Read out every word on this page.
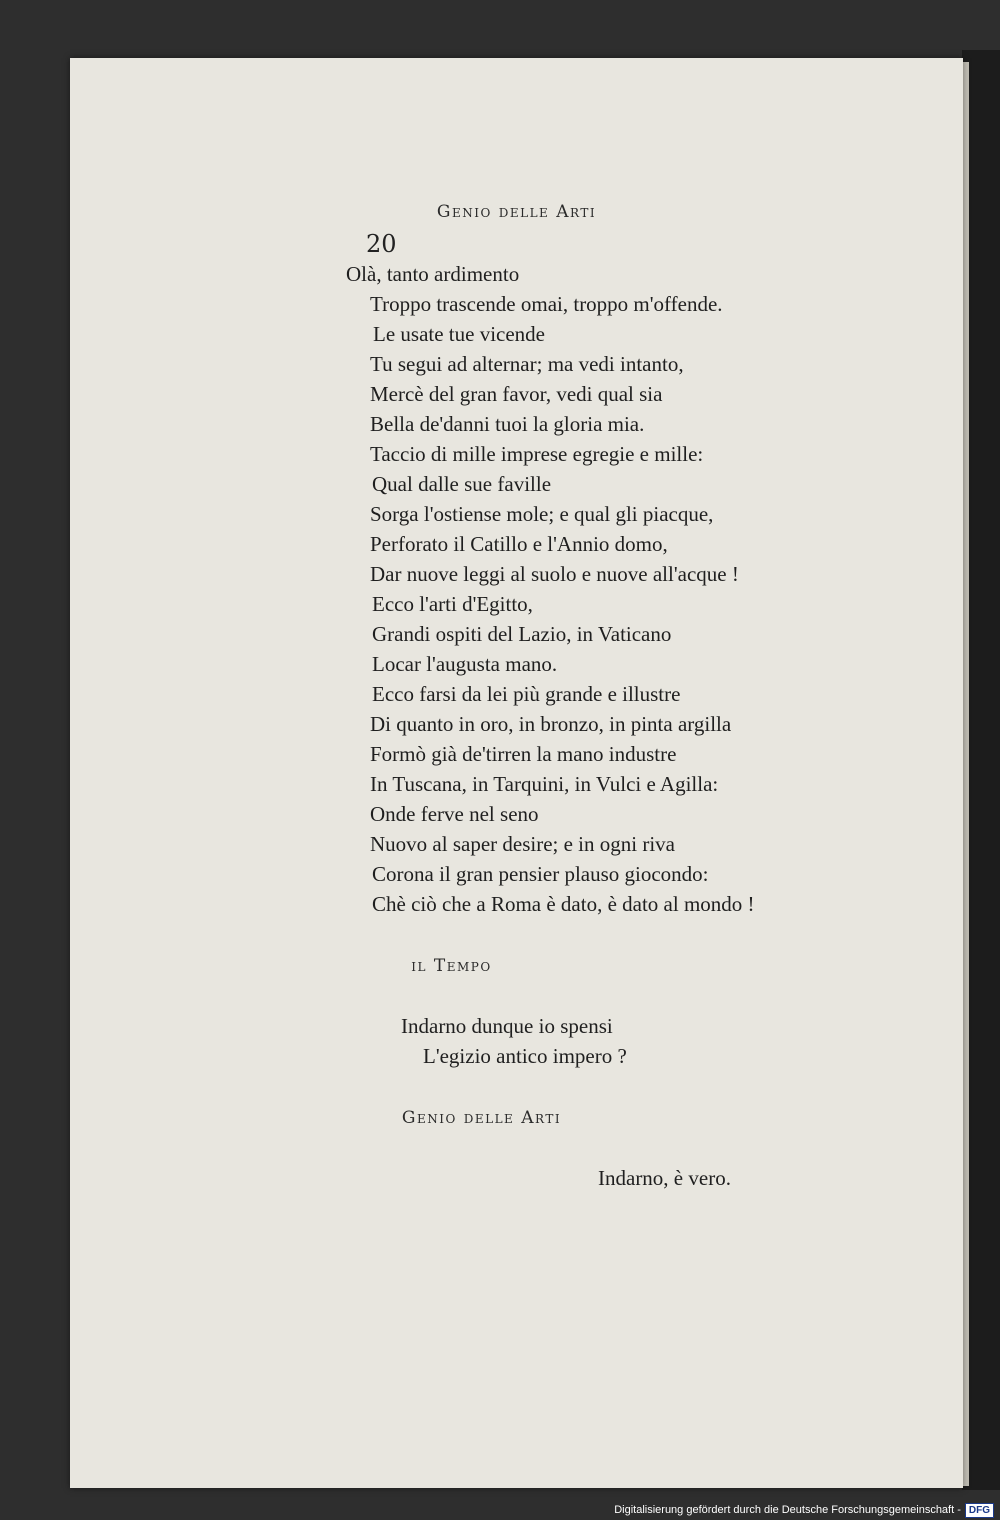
20
Genio delle Arti
Olà, tanto ardimento
Troppo trascende omai, troppo m'offende.
Le usate tue vicende
Tu segui ad alternar; ma vedi intanto,
Mercè del gran favor, vedi qual sia
Bella de'danni tuoi la gloria mia.
Taccio di mille imprese egregie e mille:
Qual dalle sue faville
Sorga l'ostiense mole; e qual gli piacque,
Perforato il Catillo e l'Annio domo,
Dar nuove leggi al suolo e nuove all'acque !
Ecco l'arti d'Egitto,
Grandi ospiti del Lazio, in Vaticano
Locar l'augusta mano.
Ecco farsi da lei più grande e illustre
Di quanto in oro, in bronzo, in pinta argilla
Formò già de'tirren la mano industre
In Tuscana, in Tarquini, in Vulci e Agilla:
Onde ferve nel seno
Nuovo al saper desire; e in ogni riva
Corona il gran pensier plauso giocondo:
Chè ciò che a Roma è dato, è dato al mondo !
il Tempo
Indarno dunque io spensi
L'egizio antico impero ?
Genio delle Arti
Indarno, è vero.
Digitalisierung gefördert durch die Deutsche Forschungsgemeinschaft - DFG
